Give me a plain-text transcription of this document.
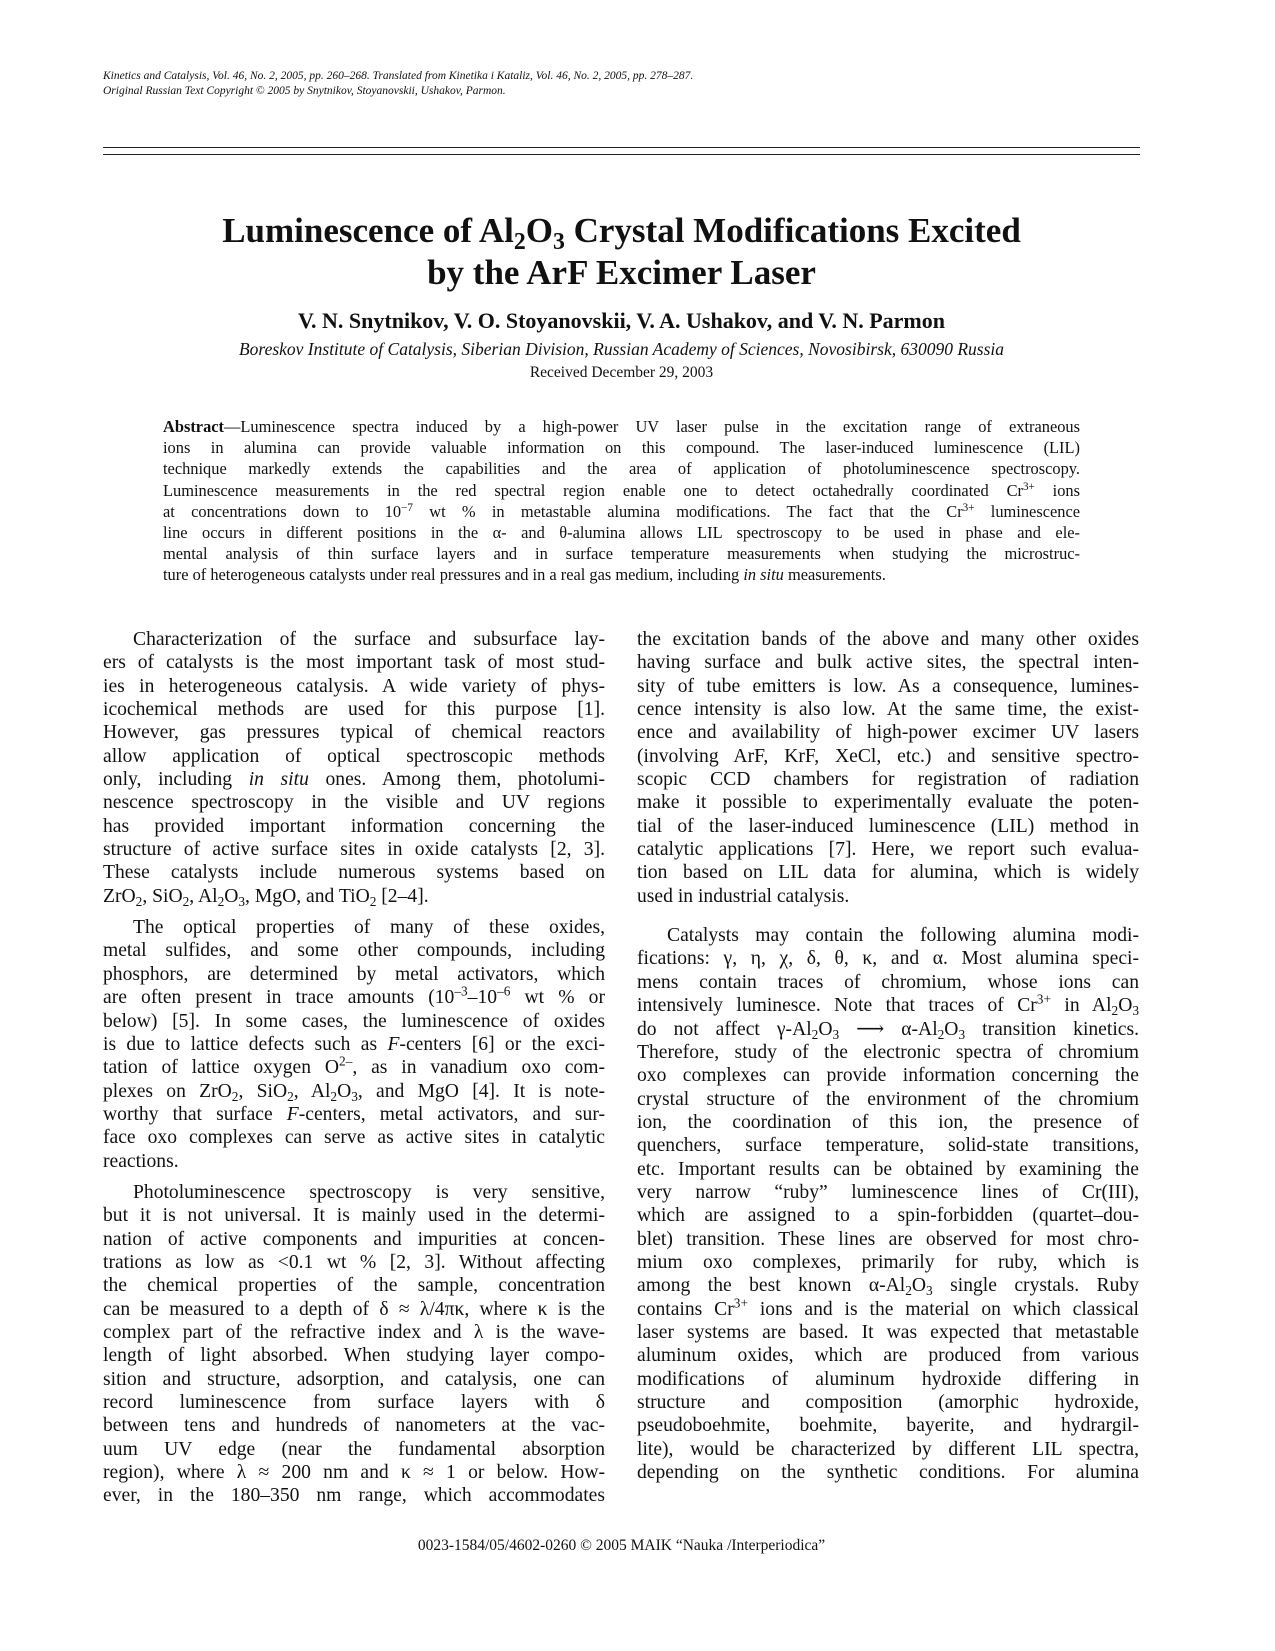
Kinetics and Catalysis, Vol. 46, No. 2, 2005, pp. 260–268. Translated from Kinetika i Kataliz, Vol. 46, No. 2, 2005, pp. 278–287.
Original Russian Text Copyright © 2005 by Snytnikov, Stoyanovskii, Ushakov, Parmon.
Luminescence of $Al_2O_3$ Crystal Modifications Excited
by the ArF Excimer Laser
V. N. Snytnikov, V. O. Stoyanovskii, V. A. Ushakov, and V. N. Parmon
Boreskov Institute of Catalysis, Siberian Division, Russian Academy of Sciences, Novosibirsk, 630090 Russia
Received December 29, 2003

Abstract—Luminescence spectra induced by a high-power UV laser pulse in the excitation range of extraneous

ions in alumina can provide valuable information on this compound. The laser-induced luminescence (LIL)

technique markedly extends the capabilities and the area of application of photoluminescence spectroscopy.

Luminescence measurements in the red spectral region enable one to detect octahedrally coordinated $Cr^{3+}$ ions

at concentrations down to $10^{-7}$ wt % in metastable alumina modifications. The fact that the $Cr^{3+}$ luminescence

line occurs in different positions in the α- and θ-alumina allows LIL spectroscopy to be used in phase and ele-

mental analysis of thin surface layers and in surface temperature measurements when studying the microstruc-

ture of heterogeneous catalysts under real pressures and in a real gas medium, including in situ measurements.

Characterization of the surface and subsurface lay-
ers of catalysts is the most important task of most stud-
ies in heterogeneous catalysis. A wide variety of phys-
icochemical methods are used for this purpose [1].
However, gas pressures typical of chemical reactors
allow application of optical spectroscopic methods
only, including in situ ones. Among them, photolumi-
nescence spectroscopy in the visible and UV regions
has provided important information concerning the
structure of active surface sites in oxide catalysts [2, 3].
These catalysts include numerous systems based on
ZrO$_2$, SiO$_2$, $Al_2O_3$, MgO, and TiO$_2$ [2–4].
The optical properties of many of these oxides,
metal sulfides, and some other compounds, including
phosphors, are determined by metal activators, which
are often present in trace amounts ($10^{-3}-10^{-6}$ wt % or
below) [5]. In some cases, the luminescence of oxides
is due to lattice defects such as F-centers [6] or the exci-
tation of lattice oxygen $O^{2-}$, as in vanadium oxo com-
plexes on ZrO$_2$, SiO$_2$, $Al_2O_3$, and MgO [4]. It is note-
worthy that surface F-centers, metal activators, and sur-
face oxo complexes can serve as active sites in catalytic
reactions.
Photoluminescence spectroscopy is very sensitive,
but it is not universal. It is mainly used in the determi-
nation of active components and impurities at concen-
trations as low as <0.1 wt % [2, 3]. Without affecting
the chemical properties of the sample, concentration
can be measured to a depth of δ ≈ λ/4πκ, where κ is the
complex part of the refractive index and λ is the wave-
length of light absorbed. When studying layer compo-
sition and structure, adsorption, and catalysis, one can
record luminescence from surface layers with δ
between tens and hundreds of nanometers at the vac-
uum UV edge (near the fundamental absorption
region), where λ ≈ 200 nm and κ ≈ 1 or below. How-
ever, in the 180–350 nm range, which accommodates
the excitation bands of the above and many other oxides
having surface and bulk active sites, the spectral inten-
sity of tube emitters is low. As a consequence, lumines-
cence intensity is also low. At the same time, the exist-
ence and availability of high-power excimer UV lasers
(involving ArF, KrF, XeCl, etc.) and sensitive spectro-
scopic CCD chambers for registration of radiation
make it possible to experimentally evaluate the poten-
tial of the laser-induced luminescence (LIL) method in
catalytic applications [7]. Here, we report such evalua-
tion based on LIL data for alumina, which is widely
used in industrial catalysis.
Catalysts may contain the following alumina modi-
fications: γ, η, χ, δ, θ, κ, and α. Most alumina speci-
mens contain traces of chromium, whose ions can
intensively luminesce. Note that traces of $Cr^{3+}$ in $Al_2O_3$
do not affect $\gamma-Al_2O_3$ ⟶ $\alpha-Al_2O_3$ transition kinetics.
Therefore, study of the electronic spectra of chromium
oxo complexes can provide information concerning the
crystal structure of the environment of the chromium
ion, the coordination of this ion, the presence of
quenchers, surface temperature, solid-state transitions,
etc. Important results can be obtained by examining the
very narrow “ruby” luminescence lines of Cr(III),
which are assigned to a spin-forbidden (quartet–dou-
blet) transition. These lines are observed for most chro-
mium oxo complexes, primarily for ruby, which is
among the best known $\alpha-Al_2O_3$ single crystals. Ruby
contains $Cr^{3+}$ ions and is the material on which classical
laser systems are based. It was expected that metastable
aluminum oxides, which are produced from various
modifications of aluminum hydroxide differing in
structure and composition (amorphic hydroxide,
pseudoboehmite, boehmite, bayerite, and hydrargil-
lite), would be characterized by different LIL spectra,
depending on the synthetic conditions. For alumina
0023-1584/05/4602-0260 © 2005 MAIK “Nauka /Interperiodica”
